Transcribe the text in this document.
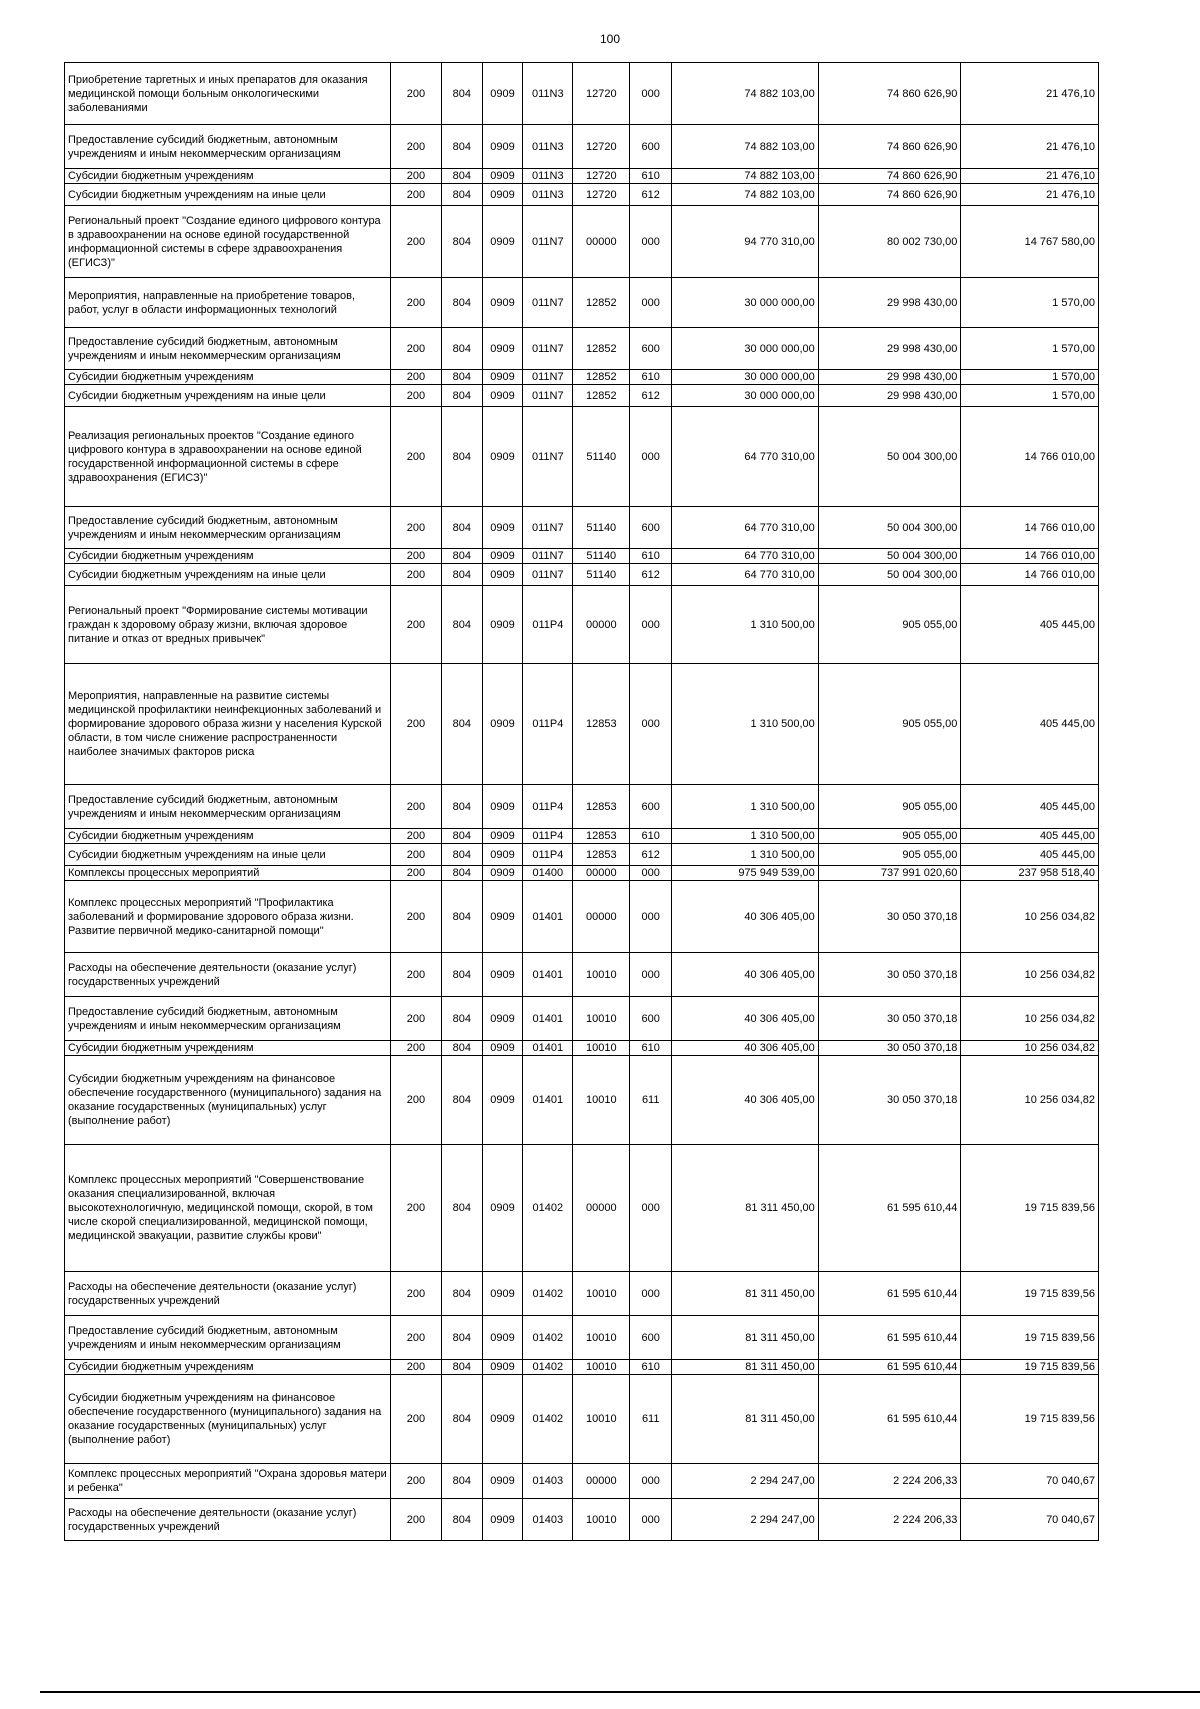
100
Приобретение таргетных и иных препаратов для оказания медицинской помощи больным онкологическими заболеваниями	200	804	0909	011N3	12720	000	74 882 103,00	74 860 626,90	21 476,10
Предоставление субсидий бюджетным, автономным учреждениям и иным некоммерческим организациям	200	804	0909	011N3	12720	600	74 882 103,00	74 860 626,90	21 476,10
Субсидии бюджетным учреждениям	200	804	0909	011N3	12720	610	74 882 103,00	74 860 626,90	21 476,10
Субсидии бюджетным учреждениям на иные цели	200	804	0909	011N3	12720	612	74 882 103,00	74 860 626,90	21 476,10
Региональный проект "Создание единого цифрового контура в здравоохранении на основе единой государственной информационной системы в сфере здравоохранения (ЕГИСЗ)"	200	804	0909	011N7	00000	000	94 770 310,00	80 002 730,00	14 767 580,00
Мероприятия, направленные на приобретение товаров, работ, услуг в области информационных технологий	200	804	0909	011N7	12852	000	30 000 000,00	29 998 430,00	1 570,00
Предоставление субсидий бюджетным, автономным учреждениям и иным некоммерческим организациям	200	804	0909	011N7	12852	600	30 000 000,00	29 998 430,00	1 570,00
Субсидии бюджетным учреждениям	200	804	0909	011N7	12852	610	30 000 000,00	29 998 430,00	1 570,00
Субсидии бюджетным учреждениям на иные цели	200	804	0909	011N7	12852	612	30 000 000,00	29 998 430,00	1 570,00
Реализация региональных проектов "Создание единого цифрового контура в здравоохранении на основе единой государственной информационной системы в сфере здравоохранения (ЕГИСЗ)"	200	804	0909	011N7	51140	000	64 770 310,00	50 004 300,00	14 766 010,00
Предоставление субсидий бюджетным, автономным учреждениям и иным некоммерческим организациям	200	804	0909	011N7	51140	600	64 770 310,00	50 004 300,00	14 766 010,00
Субсидии бюджетным учреждениям	200	804	0909	011N7	51140	610	64 770 310,00	50 004 300,00	14 766 010,00
Субсидии бюджетным учреждениям на иные цели	200	804	0909	011N7	51140	612	64 770 310,00	50 004 300,00	14 766 010,00
Региональный проект "Формирование системы мотивации граждан к здоровому образу жизни, включая здоровое питание и отказ от вредных привычек"	200	804	0909	011P4	00000	000	1 310 500,00	905 055,00	405 445,00
Мероприятия, направленные на развитие системы медицинской профилактики неинфекционных заболеваний и формирование здорового образа жизни у населения Курской области, в том числе снижение распространенности наиболее значимых факторов риска	200	804	0909	011P4	12853	000	1 310 500,00	905 055,00	405 445,00
Предоставление субсидий бюджетным, автономным учреждениям и иным некоммерческим организациям	200	804	0909	011P4	12853	600	1 310 500,00	905 055,00	405 445,00
Субсидии бюджетным учреждениям	200	804	0909	011P4	12853	610	1 310 500,00	905 055,00	405 445,00
Субсидии бюджетным учреждениям на иные цели	200	804	0909	011P4	12853	612	1 310 500,00	905 055,00	405 445,00
Комплексы процессных мероприятий	200	804	0909	01400	00000	000	975 949 539,00	737 991 020,60	237 958 518,40
Комплекс процессных мероприятий "Профилактика заболеваний и формирование здорового образа жизни. Развитие первичной медико-санитарной помощи"	200	804	0909	01401	00000	000	40 306 405,00	30 050 370,18	10 256 034,82
Расходы на обеспечение деятельности (оказание услуг) государственных учреждений	200	804	0909	01401	10010	000	40 306 405,00	30 050 370,18	10 256 034,82
Предоставление субсидий бюджетным, автономным учреждениям и иным некоммерческим организациям	200	804	0909	01401	10010	600	40 306 405,00	30 050 370,18	10 256 034,82
Субсидии бюджетным учреждениям	200	804	0909	01401	10010	610	40 306 405,00	30 050 370,18	10 256 034,82
Субсидии бюджетным учреждениям на финансовое обеспечение государственного (муниципального) задания на оказание государственных (муниципальных) услуг (выполнение работ)	200	804	0909	01401	10010	611	40 306 405,00	30 050 370,18	10 256 034,82
Комплекс процессных мероприятий "Совершенствование оказания специализированной, включая высокотехнологичную, медицинской помощи, скорой, в том числе скорой специализированной, медицинской помощи, медицинской эвакуации, развитие службы крови"	200	804	0909	01402	00000	000	81 311 450,00	61 595 610,44	19 715 839,56
Расходы на обеспечение деятельности (оказание услуг) государственных учреждений	200	804	0909	01402	10010	000	81 311 450,00	61 595 610,44	19 715 839,56
Предоставление субсидий бюджетным, автономным учреждениям и иным некоммерческим организациям	200	804	0909	01402	10010	600	81 311 450,00	61 595 610,44	19 715 839,56
Субсидии бюджетным учреждениям	200	804	0909	01402	10010	610	81 311 450,00	61 595 610,44	19 715 839,56
Субсидии бюджетным учреждениям на финансовое обеспечение государственного (муниципального) задания на оказание государственных (муниципальных) услуг (выполнение работ)	200	804	0909	01402	10010	611	81 311 450,00	61 595 610,44	19 715 839,56
Комплекс процессных мероприятий "Охрана здоровья матери и ребенка"	200	804	0909	01403	00000	000	2 294 247,00	2 224 206,33	70 040,67
Расходы на обеспечение деятельности (оказание услуг) государственных учреждений	200	804	0909	01403	10010	000	2 294 247,00	2 224 206,33	70 040,67
